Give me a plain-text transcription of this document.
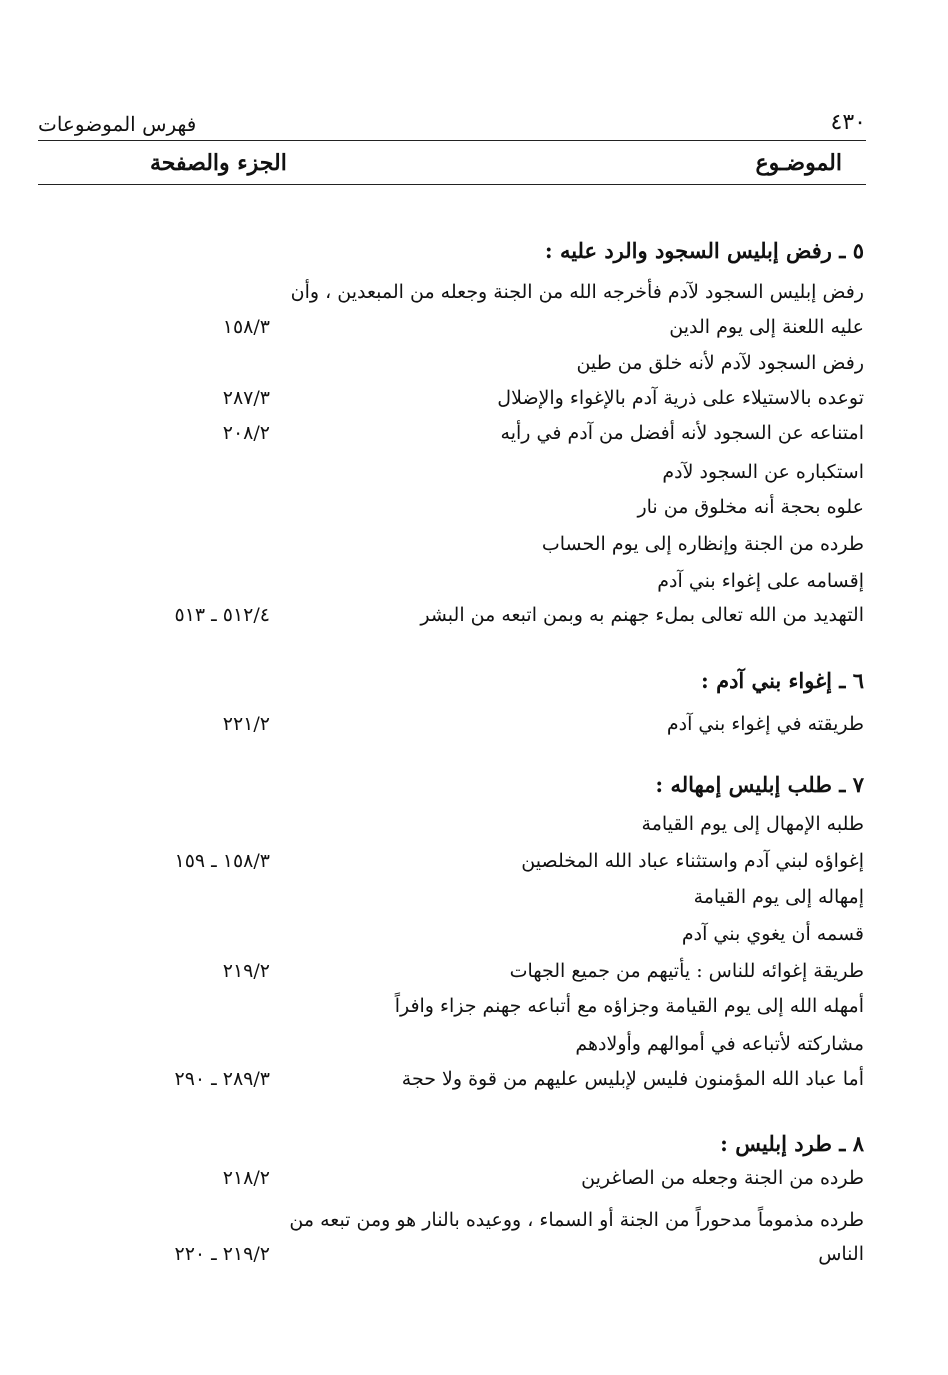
٤٣٠
فهرس الموضوعات
الموضـوع
الجزء والصفحة
٥ ـ رفض إبليس السجود والرد عليه :
رفض إبليس السجود لآدم فأخرجه الله من الجنة وجعله من المبعدين ، وأن
عليه اللعنة إلى يوم الدين
١٥٨/٣
رفض السجود لآدم لأنه خلق من طين
توعده بالاستيلاء على ذرية آدم بالإغواء والإضلال
٢٨٧/٣
امتناعه عن السجود لأنه أفضل من آدم في رأيه
٢٠٨/٢
استكباره عن السجود لآدم
علوه بحجة أنه مخلوق من نار
طرده من الجنة وإنظاره إلى يوم الحساب
إقسامه على إغواء بني آدم
التهديد من الله تعالى بملء جهنم به وبمن اتبعه من البشر
٥١٢/٤ ـ ٥١٣
٦ ـ إغواء بني آدم :
طريقته في إغواء بني آدم
٢٢١/٢
٧ ـ طلب إبليس إمهاله :
طلبه الإمهال إلى يوم القيامة
إغواؤه لبني آدم واستثناء عباد الله المخلصين
١٥٨/٣ ـ ١٥٩
إمهاله إلى يوم القيامة
قسمه أن يغوي بني آدم
طريقة إغوائه للناس : يأتيهم من جميع الجهات
٢١٩/٢
أمهله الله إلى يوم القيامة وجزاؤه مع أتباعه جهنم جزاء وافراً
مشاركته لأتباعه في أموالهم وأولادهم
أما عباد الله المؤمنون فليس لإبليس عليهم من قوة ولا حجة
٢٨٩/٣ ـ ٢٩٠
٨ ـ طرد إبليس :
طرده من الجنة وجعله من الصاغرين
٢١٨/٢
طرده مذموماً مدحوراً من الجنة أو السماء ، ووعيده بالنار هو ومن تبعه من
الناس
٢١٩/٢ ـ ٢٢٠
